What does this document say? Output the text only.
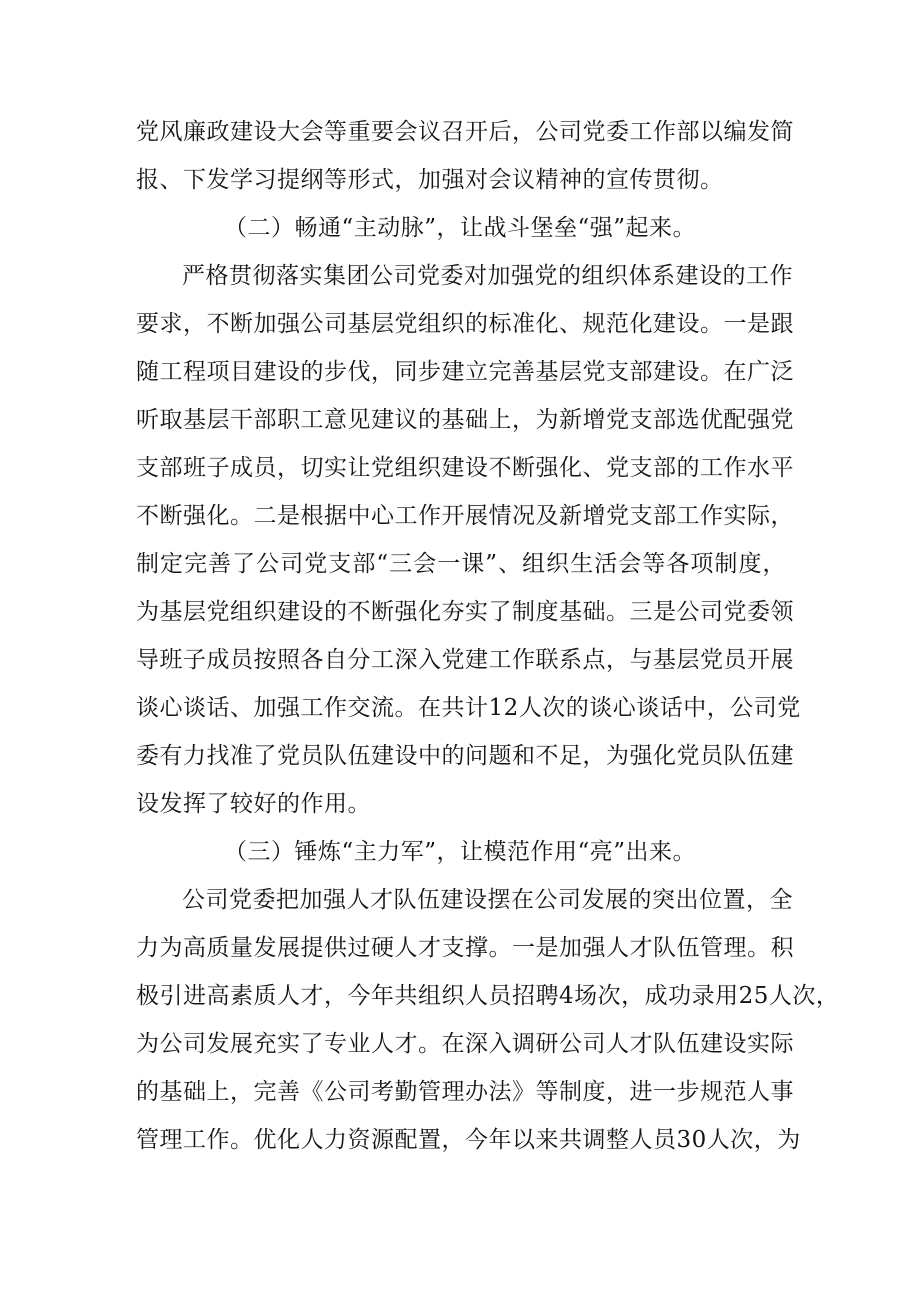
党风廉政建设大会等重要会议召开后，公司党委工作部以编发简
报、下发学习提纲等形式，加强对会议精神的宣传贯彻。
（二）畅通“主动脉”，让战斗堡垒“强”起来。
严格贯彻落实集团公司党委对加强党的组织体系建设的工作
要求，不断加强公司基层党组织的标准化、规范化建设。一是跟
随工程项目建设的步伐，同步建立完善基层党支部建设。在广泛
听取基层干部职工意见建议的基础上，为新增党支部选优配强党
支部班子成员，切实让党组织建设不断强化、党支部的工作水平
不断强化。二是根据中心工作开展情况及新增党支部工作实际，
制定完善了公司党支部“三会一课”、组织生活会等各项制度，
为基层党组织建设的不断强化夯实了制度基础。三是公司党委领
导班子成员按照各自分工深入党建工作联系点，与基层党员开展
谈心谈话、加强工作交流。在共计12人次的谈心谈话中，公司党
委有力找准了党员队伍建设中的问题和不足，为强化党员队伍建
设发挥了较好的作用。
（三）锤炼“主力军”，让模范作用“亮”出来。
公司党委把加强人才队伍建设摆在公司发展的突出位置，全
力为高质量发展提供过硬人才支撑。一是加强人才队伍管理。积
极引进高素质人才，今年共组织人员招聘4场次，成功录用25人次，
为公司发展充实了专业人才。在深入调研公司人才队伍建设实际
的基础上，完善《公司考勤管理办法》等制度，进一步规范人事
管理工作。优化人力资源配置，今年以来共调整人员30人次，为
